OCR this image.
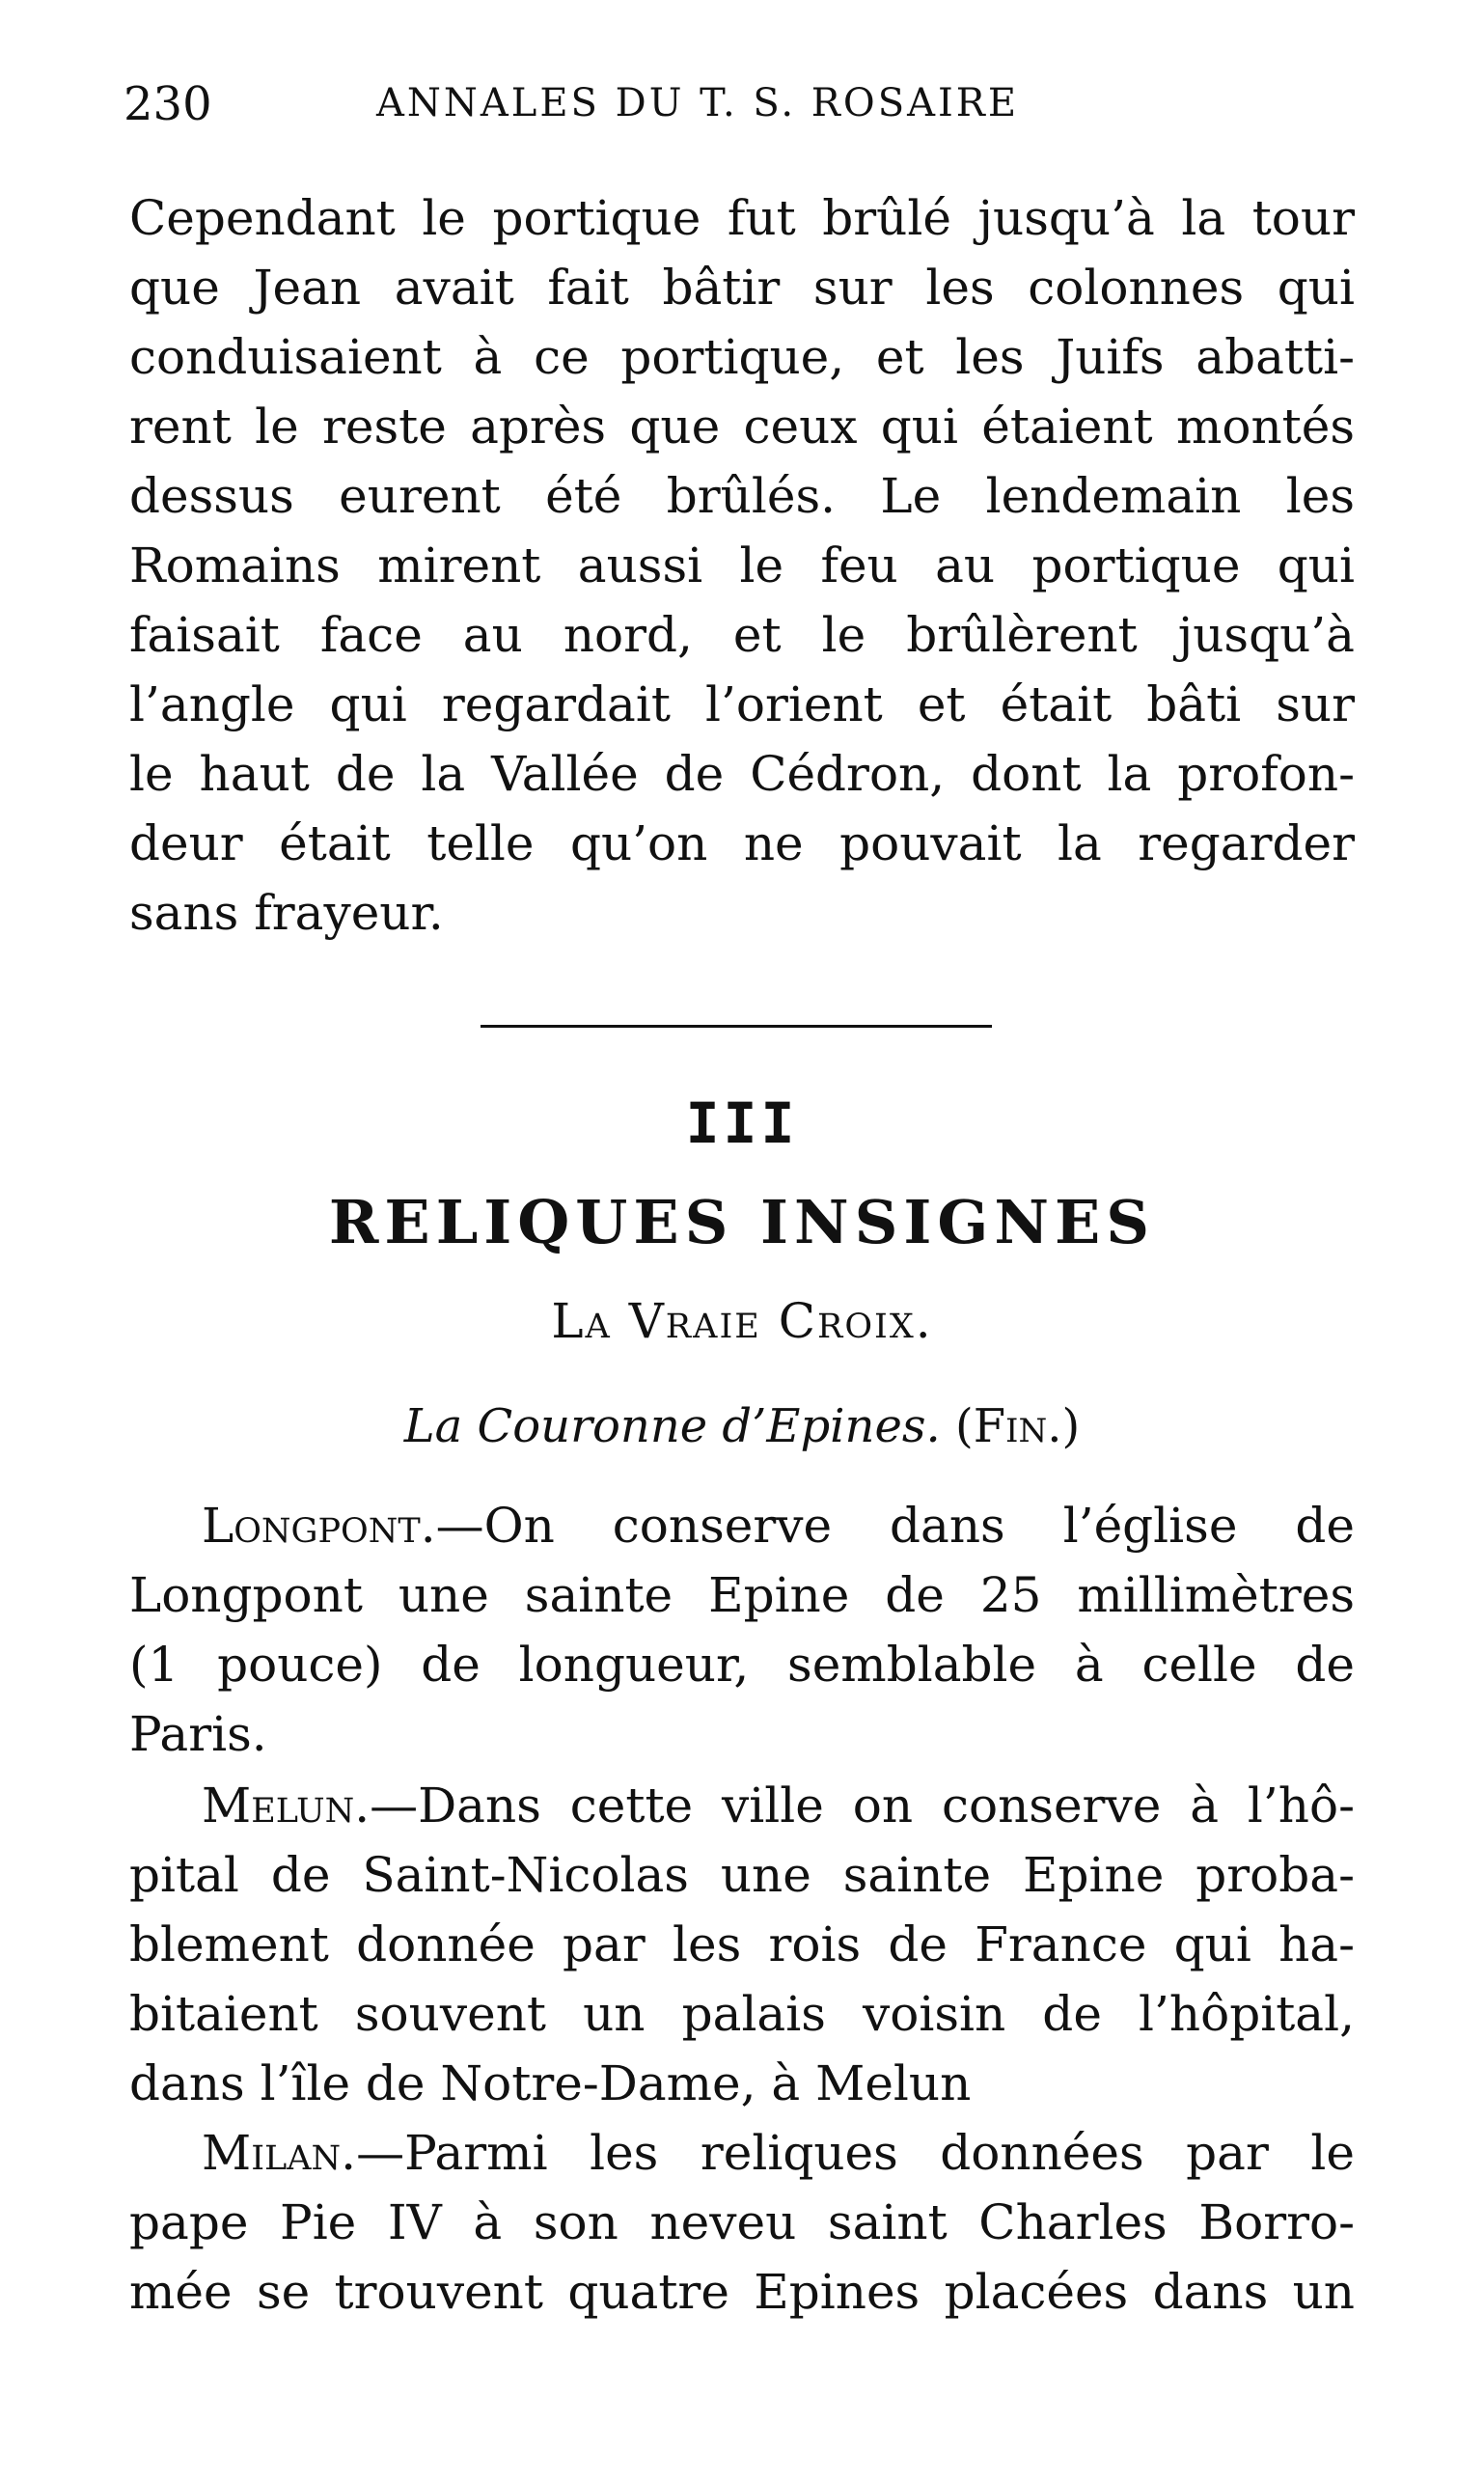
230	ANNALES DU T. S. ROSAIRE
Cependant le portique fut brûlé jusqu’à la tour
que Jean avait fait bâtir sur les colonnes qui
conduisaient à ce portique, et les Juifs abatti-
rent le reste après que ceux qui étaient montés
dessus eurent été brûlés. Le lendemain les
Romains mirent aussi le feu au portique qui
faisait face au nord, et le brûlèrent jusqu’à
l’angle qui regardait l’orient et était bâti sur
le haut de la Vallée de Cédron, dont la profon-
deur était telle qu’on ne pouvait la regarder
sans frayeur.
III
RELIQUES INSIGNES
La Vraie Croix.
La Couronne d’Epines. (Fin.)
Longpont.—On conserve dans l’église de
Longpont une sainte Epine de 25 millimètres
(1 pouce) de longueur, semblable à celle de
Paris.
Melun.—Dans cette ville on conserve à l’hô-
pital de Saint-Nicolas une sainte Epine proba-
blement donnée par les rois de France qui ha-
bitaient souvent un palais voisin de l’hôpital,
dans l’île de Notre-Dame, à Melun
Milan.—Parmi les reliques données par le
pape Pie IV à son neveu saint Charles Borro-
mée se trouvent quatre Epines placées dans un
